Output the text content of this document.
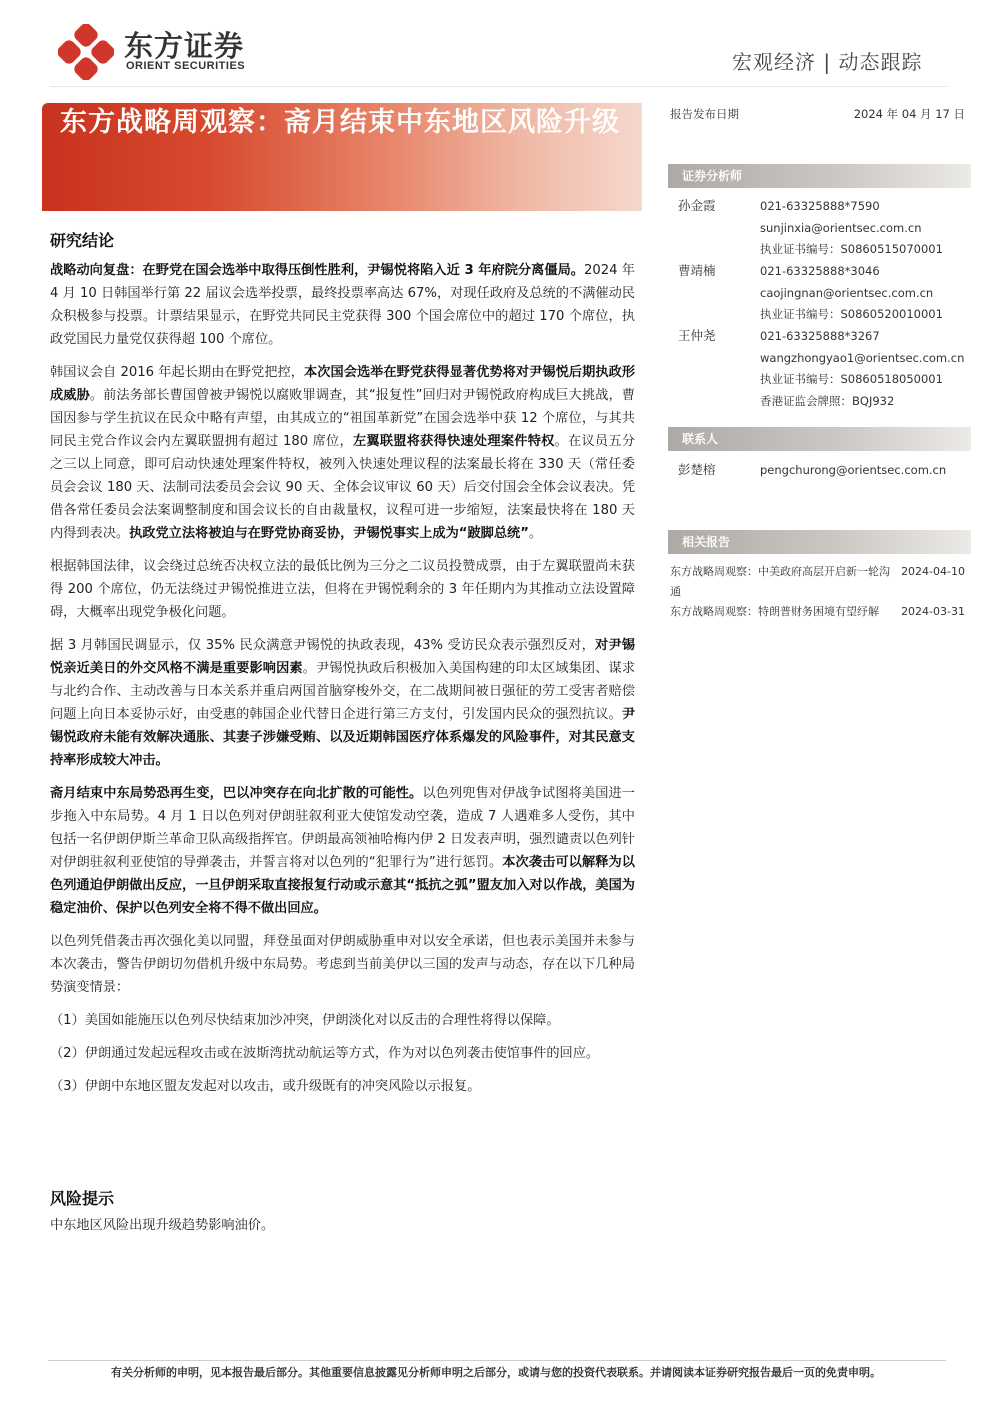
东方证券
ORIENT SECURITIES	宏观经济 | 动态跟踪
东方战略周观察：斋月结束中东地区风险升级
研究结论

战略动向复盘：在野党在国会选举中取得压倒性胜利，尹锡悦将陷入近 3 年府院分离僵局。2024 年 4 月 10 日韩国举行第 22 届议会选举投票，最终投票率高达 67%，对现任政府及总统的不满催动民众积极参与投票。计票结果显示，在野党共同民主党获得 300 个国会席位中的超过 170 个席位，执政党国民力量党仅获得超 100 个席位。

韩国议会自 2016 年起长期由在野党把控，本次国会选举在野党获得显著优势将对尹锡悦后期执政形成威胁。前法务部长曹国曾被尹锡悦以腐败罪调查，其“报复性”回归对尹锡悦政府构成巨大挑战，曹国因参与学生抗议在民众中略有声望，由其成立的“祖国革新党”在国会选举中获 12 个席位，与其共同民主党合作议会内左翼联盟拥有超过 180 席位，左翼联盟将获得快速处理案件特权。在议员五分之三以上同意，即可启动快速处理案件特权，被列入快速处理议程的法案最长将在 330 天（常任委员会会议 180 天、法制司法委员会会议 90 天、全体会议审议 60 天）后交付国会全体会议表决。凭借各常任委员会法案调整制度和国会议长的自由裁量权，议程可进一步缩短，法案最快将在 180 天内得到表决。执政党立法将被迫与在野党协商妥协，尹锡悦事实上成为“跛脚总统”。

根据韩国法律，议会绕过总统否决权立法的最低比例为三分之二议员投赞成票，由于左翼联盟尚未获得 200 个席位，仍无法绕过尹锡悦推进立法，但将在尹锡悦剩余的 3 年任期内为其推动立法设置障碍，大概率出现党争极化问题。

据 3 月韩国民调显示，仅 35% 民众满意尹锡悦的执政表现，43% 受访民众表示强烈反对，对尹锡悦亲近美日的外交风格不满是重要影响因素。尹锡悦执政后积极加入美国构建的印太区域集团、谋求与北约合作、主动改善与日本关系并重启两国首脑穿梭外交，在二战期间被日强征的劳工受害者赔偿问题上向日本妥协示好，由受惠的韩国企业代替日企进行第三方支付，引发国内民众的强烈抗议。尹锡悦政府未能有效解决通胀、其妻子涉嫌受贿、以及近期韩国医疗体系爆发的风险事件，对其民意支持率形成较大冲击。

斋月结束中东局势恐再生变，巴以冲突存在向北扩散的可能性。以色列兜售对伊战争试图将美国进一步拖入中东局势。4 月 1 日以色列对伊朗驻叙利亚大使馆发动空袭，造成 7 人遇难多人受伤，其中包括一名伊朗伊斯兰革命卫队高级指挥官。伊朗最高领袖哈梅内伊 2 日发表声明，强烈谴责以色列针对伊朗驻叙利亚使馆的导弹袭击，并誓言将对以色列的“犯罪行为”进行惩罚。本次袭击可以解释为以色列通迫伊朗做出反应，一旦伊朗采取直接报复行动或示意其“抵抗之弧”盟友加入对以作战，美国为稳定油价、保护以色列安全将不得不做出回应。

以色列凭借袭击再次强化美以同盟，拜登虽面对伊朗威胁重申对以安全承诺，但也表示美国并未参与本次袭击，警告伊朗切勿借机升级中东局势。考虑到当前美伊以三国的发声与动态，存在以下几种局势演变情景：

（1）美国如能施压以色列尽快结束加沙冲突，伊朗淡化对以反击的合理性将得以保障。
（2）伊朗通过发起远程攻击或在波斯湾扰动航运等方式，作为对以色列袭击使馆事件的回应。
（3）伊朗中东地区盟友发起对以攻击，或升级既有的冲突风险以示报复。
风险提示
中东地区风险出现升级趋势影响油价。
报告发布日期	2024 年 04 月 17 日
证券分析师
孙金霞	021-63325888*7590
sunjinxia@orientsec.com.cn
执业证书编号：S0860515070001
曹靖楠	021-63325888*3046
caojingnan@orientsec.com.cn
执业证书编号：S0860520010001
王仲尧	021-63325888*3267
wangzhongyao1@orientsec.com.cn
执业证书编号：S0860518050001
香港证监会牌照：BQJ932
联系人
彭楚榕	pengchurong@orientsec.com.cn
相关报告
东方战略周观察：中美政府高层开启新一轮沟通
2024-04-10
东方战略周观察：特朗普财务困境有望纾解	2024-03-31
有关分析师的申明，见本报告最后部分。其他重要信息披露见分析师申明之后部分，或请与您的投资代表联系。并请阅读本证券研究报告最后一页的免责申明。
